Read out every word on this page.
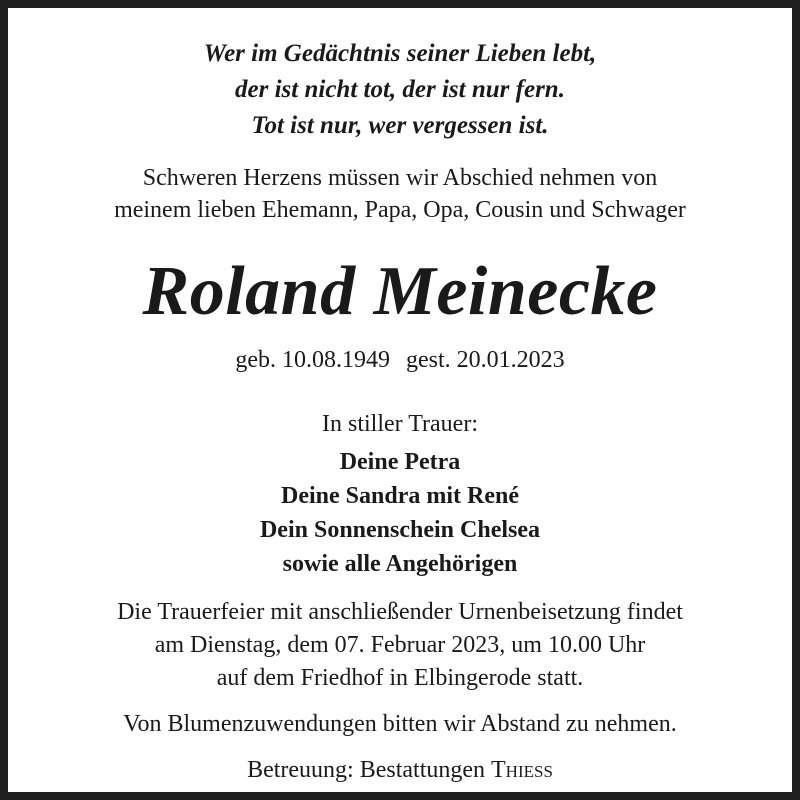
Wer im Gedächtnis seiner Lieben lebt,

der ist nicht tot, der ist nur fern.

Tot ist nur, wer vergessen ist.

Schweren Herzens müssen wir Abschied nehmen von

meinem lieben Ehemann, Papa, Opa, Cousin und Schwager

Roland Meinecke

geb. 10.08.1949 gest. 20.01.2023

In stiller Trauer:

Deine Petra

Deine Sandra mit René

Dein Sonnenschein Chelsea

sowie alle Angehörigen

Die Trauerfeier mit anschließender Urnenbeisetzung findet

am Dienstag, dem 07. Februar 2023, um 10.00 Uhr

auf dem Friedhof in Elbingerode statt.

Von Blumenzuwendungen bitten wir Abstand zu nehmen.

Betreuung: Bestattungen Thieß
